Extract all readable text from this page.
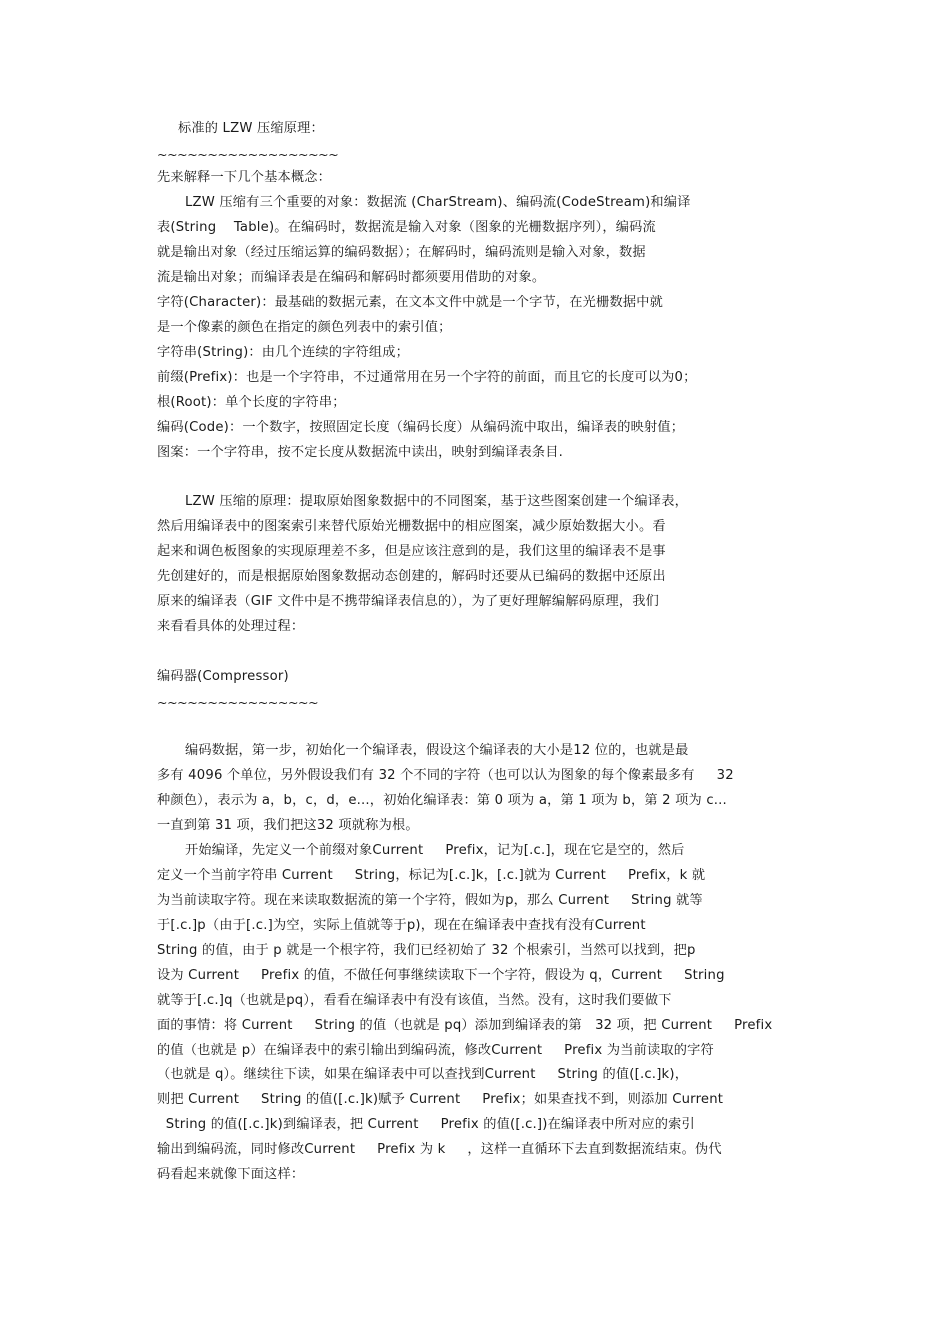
标准的 LZW 压缩原理：
~~~~~~~~~~~~~~~~~~
先来解释一下几个基本概念：
LZW 压缩有三个重要的对象：数据流 (CharStream)、编码流(CodeStream)和编译
表(String    Table)。在编码时，数据流是输入对象（图象的光栅数据序列），编码流
就是输出对象（经过压缩运算的编码数据）；在解码时，编码流则是输入对象，数据
流是输出对象；而编译表是在编码和解码时都须要用借助的对象。
字符(Character)：最基础的数据元素，在文本文件中就是一个字节，在光栅数据中就
是一个像素的颜色在指定的颜色列表中的索引值；
字符串(String)：由几个连续的字符组成；
前缀(Prefix)：也是一个字符串，不过通常用在另一个字符的前面，而且它的长度可以为0；
根(Root)：单个长度的字符串；
编码(Code)：一个数字，按照固定长度（编码长度）从编码流中取出，编译表的映射值；
图案：一个字符串，按不定长度从数据流中读出，映射到编译表条目.
LZW 压缩的原理：提取原始图象数据中的不同图案，基于这些图案创建一个编译表，
然后用编译表中的图案索引来替代原始光栅数据中的相应图案，减少原始数据大小。看
起来和调色板图象的实现原理差不多，但是应该注意到的是，我们这里的编译表不是事
先创建好的，而是根据原始图象数据动态创建的，解码时还要从已编码的数据中还原出
原来的编译表（GIF 文件中是不携带编译表信息的），为了更好理解编解码原理，我们
来看看具体的处理过程：
编码器(Compressor)
~~~~~~~~~~~~~~~~
编码数据，第一步，初始化一个编译表，假设这个编译表的大小是12 位的，也就是最
多有 4096 个单位，另外假设我们有 32 个不同的字符（也可以认为图象的每个像素最多有     32
种颜色），表示为 a，b，c，d，e...，初始化编译表：第 0 项为 a，第 1 项为 b，第 2 项为 c...
一直到第 31 项，我们把这32 项就称为根。
开始编译，先定义一个前缀对象Current     Prefix，记为[.c.]，现在它是空的，然后
定义一个当前字符串 Current     String，标记为[.c.]k，[.c.]就为 Current     Prefix，k 就
为当前读取字符。现在来读取数据流的第一个字符，假如为p，那么 Current     String 就等
于[.c.]p（由于[.c.]为空，实际上值就等于p)，现在在编译表中查找有没有Current
String 的值，由于 p 就是一个根字符，我们已经初始了 32 个根索引，当然可以找到，把p
设为 Current     Prefix 的值，不做任何事继续读取下一个字符，假设为 q，Current     String
就等于[.c.]q（也就是pq），看看在编译表中有没有该值，当然。没有，这时我们要做下
面的事情：将 Current     String 的值（也就是 pq）添加到编译表的第   32 项，把 Current     Prefix
的值（也就是 p）在编译表中的索引输出到编码流，修改Current     Prefix 为当前读取的字符
（也就是 q）。继续往下读，如果在编译表中可以查找到Current     String 的值([.c.]k)，
则把 Current     String 的值([.c.]k)赋予 Current     Prefix；如果查找不到，则添加 Current
String 的值([.c.]k)到编译表，把 Current     Prefix 的值([.c.])在编译表中所对应的索引
输出到编码流，同时修改Current     Prefix 为 k     ，这样一直循环下去直到数据流结束。伪代
码看起来就像下面这样：
